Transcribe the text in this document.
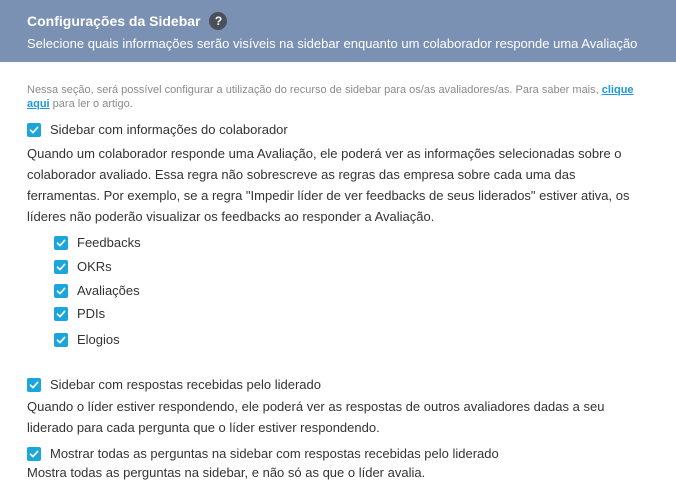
Configurações da Sidebar	?
Selecione quais informações serão visíveis na sidebar enquanto um colaborador responde uma Avaliação
Nessa seção, será possível configurar a utilização do recurso de sidebar para os/as avaliadores/as. Para saber mais, clique aqui para ler o artigo.
Sidebar com informações do colaborador
Quando um colaborador responde uma Avaliação, ele poderá ver as informações selecionadas sobre o colaborador avaliado. Essa regra não sobrescreve as regras das empresa sobre cada uma das ferramentas. Por exemplo, se a regra "Impedir líder de ver feedbacks de seus liderados" estiver ativa, os líderes não poderão visualizar os feedbacks ao responder a Avaliação.
Feedbacks
OKRs
Avaliações
PDIs
Elogios
Sidebar com respostas recebidas pelo liderado
Quando o líder estiver respondendo, ele poderá ver as respostas de outros avaliadores dadas a seu liderado para cada pergunta que o líder estiver respondendo.
Mostrar todas as perguntas na sidebar com respostas recebidas pelo liderado
Mostra todas as perguntas na sidebar, e não só as que o líder avalia.
